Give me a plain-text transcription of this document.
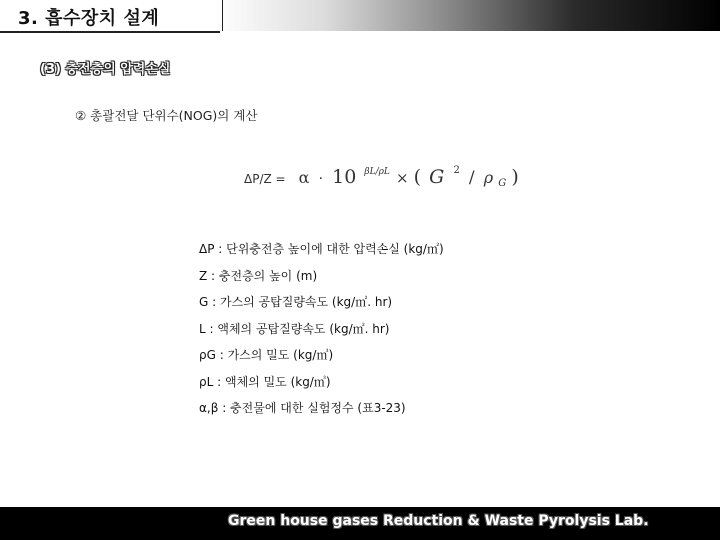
3. 흡수장치 설계
(3) 충전층의 압력손실
② 총괄전달 단위수(NOG)의 계산
ΔP/Z = α · 10 βL/ρL × ( G 2 / ρ G )
ΔP : 단위충전층 높이에 대한 압력손실 (kg/㎡)
Z : 충전층의 높이 (m)
G : 가스의 공탑질량속도 (kg/㎡. hr)
L : 액체의 공탑질량속도 (kg/㎡. hr)
ρG : 가스의 밀도 (kg/㎥)
ρL : 액체의 밀도 (kg/㎥)
α,β : 충전물에 대한 실험정수 (표3-23)
Green house gases Reduction & Waste Pyrolysis Lab.
